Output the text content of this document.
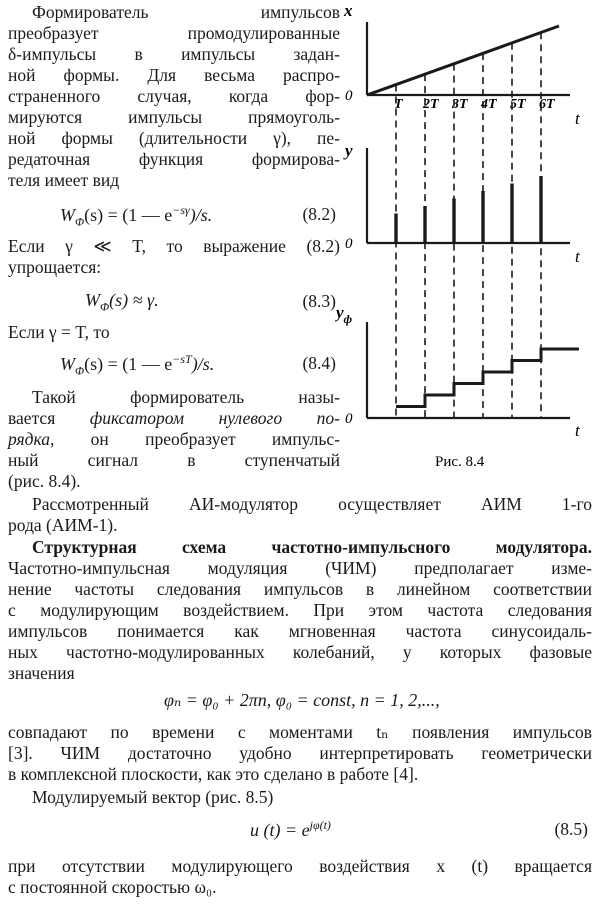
Формирователь импульсов
преобразует промодулированные
δ-импульсы в импульсы задан-
ной формы. Для весьма распро-
страненного случая, когда фор-
мируются импульсы прямоуголь-
ной формы (длительности γ), пе-
редаточная функция формирова-
теля имеет вид
$W_\Phi(s) = (1$ — $e^{-s\gamma})/s$.	(8.2)
Если γ ≪ T, то выражение (8.2)
упрощается:
$W_\Phi(s) \approx \gamma$.	(8.3)
Если γ = T, то
$W_\Phi(s) = (1$ — $e^{-sT})/s$.	(8.4)
Такой формирователь назы-
вается фиксатором нулевого по-
рядка, он преобразует импульс-
ный сигнал в ступенчатый
(рис. 8.4).
T 2T 3T 4T 5T 6T
x
0
t
y
0
t
$y_ф$
0
t
Рис. 8.4
Рассмотренный АИ-модулятор осуществляет АИМ 1-го
рода (АИМ-1).
Структурная схема частотно-импульсного модулятора.
Частотно-импульсная модуляция (ЧИМ) предполагает изме-
нение частоты следования импульсов в линейном соответствии
с модулирующим воздействием. При этом частота следования
импульсов понимается как мгновенная частота синусоидаль-
ных частотно-модулированных колебаний, у которых фазовые
значения
φₙ = φ₀ + 2πn, φ₀ = const, n = 1, 2,...,
совпадают по времени с моментами tₙ появления импульсов
[3]. ЧИМ достаточно удобно интерпретировать геометрически
в комплексной плоскости, как это сделано в работе [4].
Модулируемый вектор (рис. 8.5)
u $(t) = e^{j\varphi(t)}$	(8.5)
при отсутствии модулирующего воздействия x (t) вращается
с постоянной скоростью ω₀.
